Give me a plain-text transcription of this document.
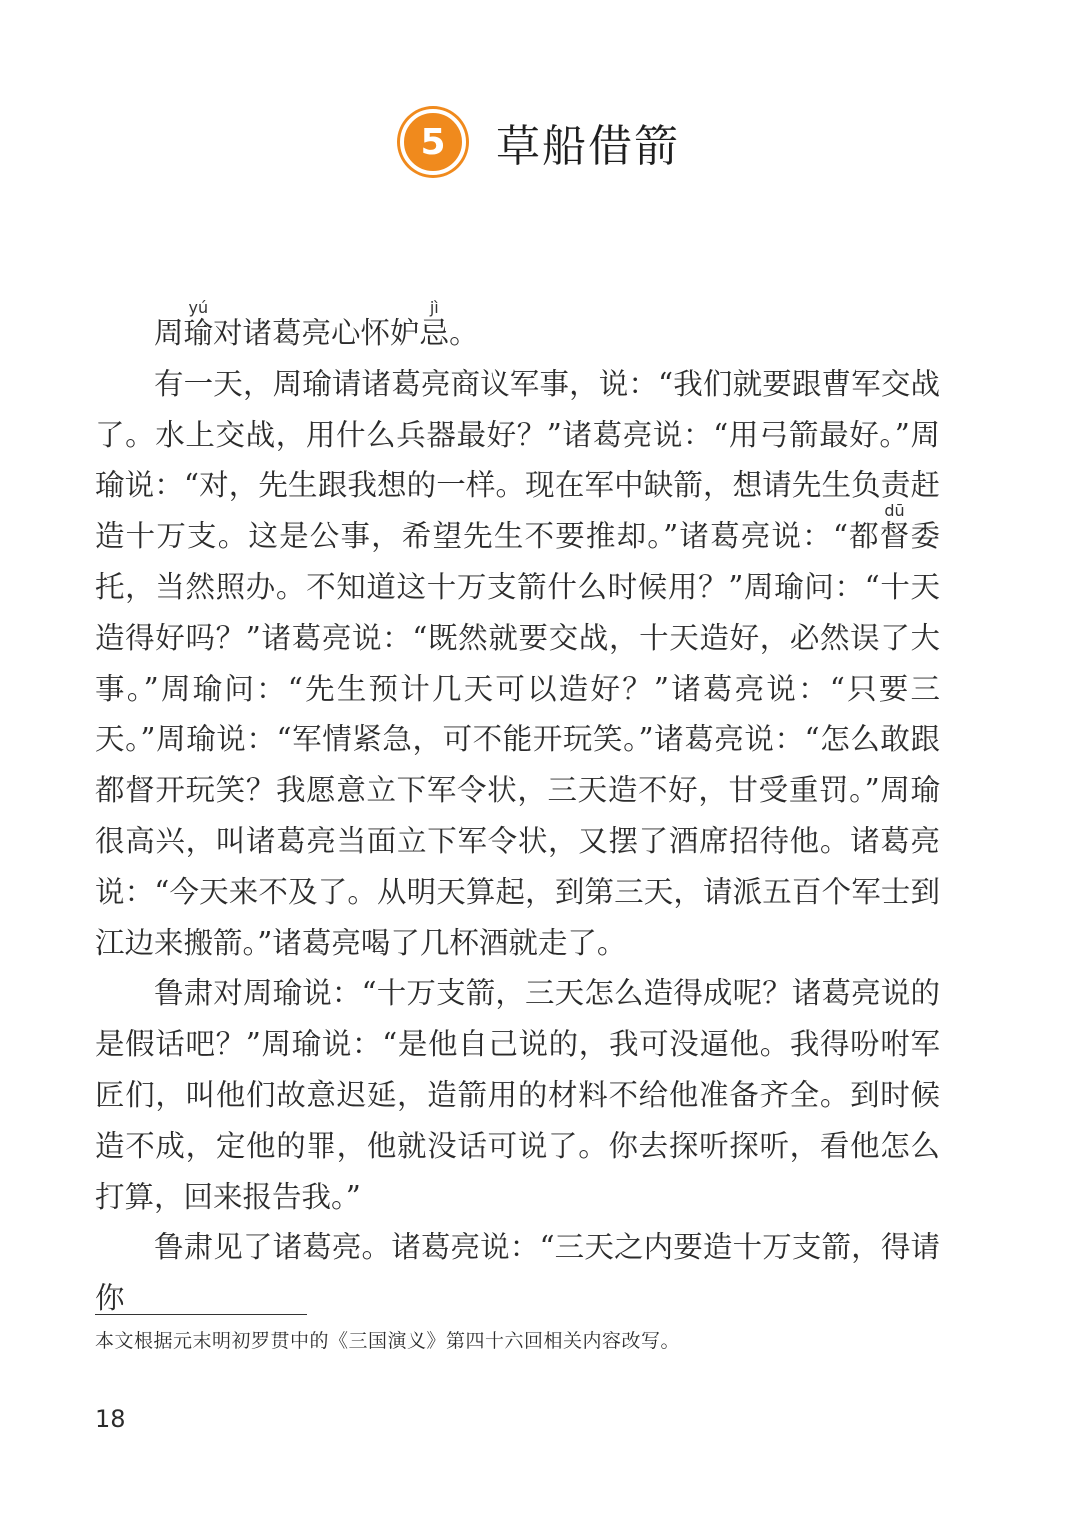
5	草船借箭

周瑜yú对诸葛亮心怀妒忌jì。

有一天，周瑜请诸葛亮商议军事，说：“我们就要跟曹军交战了。水上交战，用什么兵器最好？”诸葛亮说：“用弓箭最好。”周瑜说：“对，先生跟我想的一样。现在军中缺箭，想请先生负责赶造十万支。这是公事，希望先生不要推却。”诸葛亮说：“都督dū委托，当然照办。不知道这十万支箭什么时候用？”周瑜问：“十天造得好吗？”诸葛亮说：“既然就要交战，十天造好，必然误了大事。”周瑜问：“先生预计几天可以造好？”诸葛亮说：“只要三天。”周瑜说：“军情紧急，可不能开玩笑。”诸葛亮说：“怎么敢跟都督开玩笑？我愿意立下军令状，三天造不好，甘受重罚。”周瑜很高兴，叫诸葛亮当面立下军令状，又摆了酒席招待他。诸葛亮说：“今天来不及了。从明天算起，到第三天，请派五百个军士到江边来搬箭。”诸葛亮喝了几杯酒就走了。

鲁肃对周瑜说：“十万支箭，三天怎么造得成呢？诸葛亮说的是假话吧？”周瑜说：“是他自己说的，我可没逼他。我得吩咐军匠们，叫他们故意迟延，造箭用的材料不给他准备齐全。到时候造不成，定他的罪，他就没话可说了。你去探听探听，看他怎么打算，回来报告我。”

鲁肃见了诸葛亮。诸葛亮说：“三天之内要造十万支箭，得请你

本文根据元末明初罗贯中的《三国演义》第四十六回相关内容改写。
18
